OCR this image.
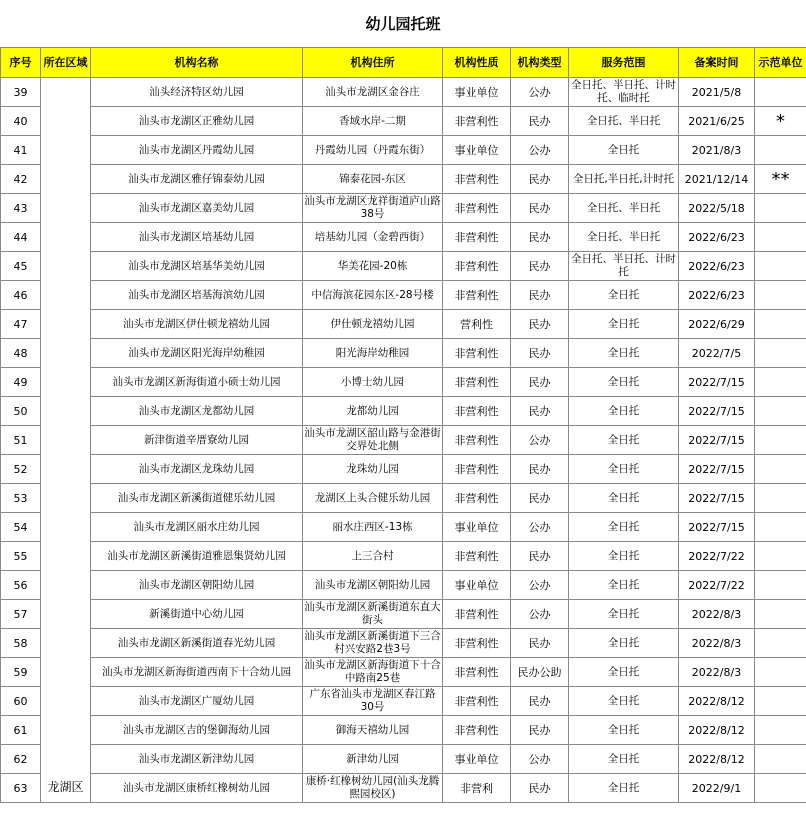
幼儿园托班
序号	所在区域	机构名称	机构住所	机构性质	机构类型	服务范围	备案时间	示范单位
39	龙湖区	汕头经济特区幼儿园	汕头市龙湖区金谷庄	事业单位	公办	全日托、半日托、计时托、临时托	2021/5/8	
40		汕头市龙湖区正雅幼儿园	香域水岸-二期	非营利性	民办	全日托、半日托	2021/6/25	*
41		汕头市龙湖区丹霞幼儿园	丹霞幼儿园（丹霞东街）	事业单位	公办	全日托	2021/8/3	
42		汕头市龙湖区雅仔锦泰幼儿园	锦泰花园-东区	非营利性	民办	全日托,半日托,计时托	2021/12/14	**
43		汕头市龙湖区嘉美幼儿园	汕头市龙湖区龙祥街道庐山路38号	非营利性	民办	全日托、半日托	2022/5/18	
44		汕头市龙湖区培基幼儿园	培基幼儿园（金碧西街）	非营利性	民办	全日托、半日托	2022/6/23	
45		汕头市龙湖区培基华美幼儿园	华美花园-20栋	非营利性	民办	全日托、半日托、计时托	2022/6/23	
46		汕头市龙湖区培基海滨幼儿园	中信海滨花园东区-28号楼	非营利性	民办	全日托	2022/6/23	
47		汕头市龙湖区伊仕顿龙禧幼儿园	伊仕顿龙禧幼儿园	营利性	民办	全日托	2022/6/29	
48		汕头市龙湖区阳光海岸幼稚园	阳光海岸幼稚园	非营利性	民办	全日托	2022/7/5	
49		汕头市龙湖区新海街道小硕士幼儿园	小博士幼儿园	非营利性	民办	全日托	2022/7/15	
50		汕头市龙湖区龙都幼儿园	龙都幼儿园	非营利性	民办	全日托	2022/7/15	
51		新津街道辛厝寮幼儿园	汕头市龙湖区韶山路与金港街交界处北侧	非营利性	公办	全日托	2022/7/15	
52		汕头市龙湖区龙珠幼儿园	龙珠幼儿园	非营利性	民办	全日托	2022/7/15	
53		汕头市龙湖区新溪街道健乐幼儿园	龙湖区上头合健乐幼儿园	非营利性	民办	全日托	2022/7/15	
54		汕头市龙湖区丽水庄幼儿园	丽水庄西区-13栋	事业单位	公办	全日托	2022/7/15	
55		汕头市龙湖区新溪街道雅恩集贤幼儿园	上三合村	非营利性	民办	全日托	2022/7/22	
56		汕头市龙湖区朝阳幼儿园	汕头市龙湖区朝阳幼儿园	事业单位	公办	全日托	2022/7/22	
57		新溪街道中心幼儿园	汕头市龙湖区新溪街道东直大街头	非营利性	公办	全日托	2022/8/3	
58		汕头市龙湖区新溪街道春光幼儿园	汕头市龙湖区新溪街道下三合村兴安路2巷3号	非营利性	民办	全日托	2022/8/3	
59		汕头市龙湖区新海街道西南下十合幼儿园	汕头市龙湖区新海街道下十合中路南25巷	非营利性	民办公助	全日托	2022/8/3	
60		汕头市龙湖区广厦幼儿园	广东省汕头市龙湖区春江路30号	非营利性	民办	全日托	2022/8/12	
61		汕头市龙湖区吉的堡御海幼儿园	御海天禧幼儿园	非营利性	民办	全日托	2022/8/12	
62		汕头市龙湖区新津幼儿园	新津幼儿园	事业单位	公办	全日托	2022/8/12	
63		汕头市龙湖区康桥红橡树幼儿园	康桥·红橡树幼儿园(汕头龙腾熙园校区)	非营利	民办	全日托	2022/9/1	
